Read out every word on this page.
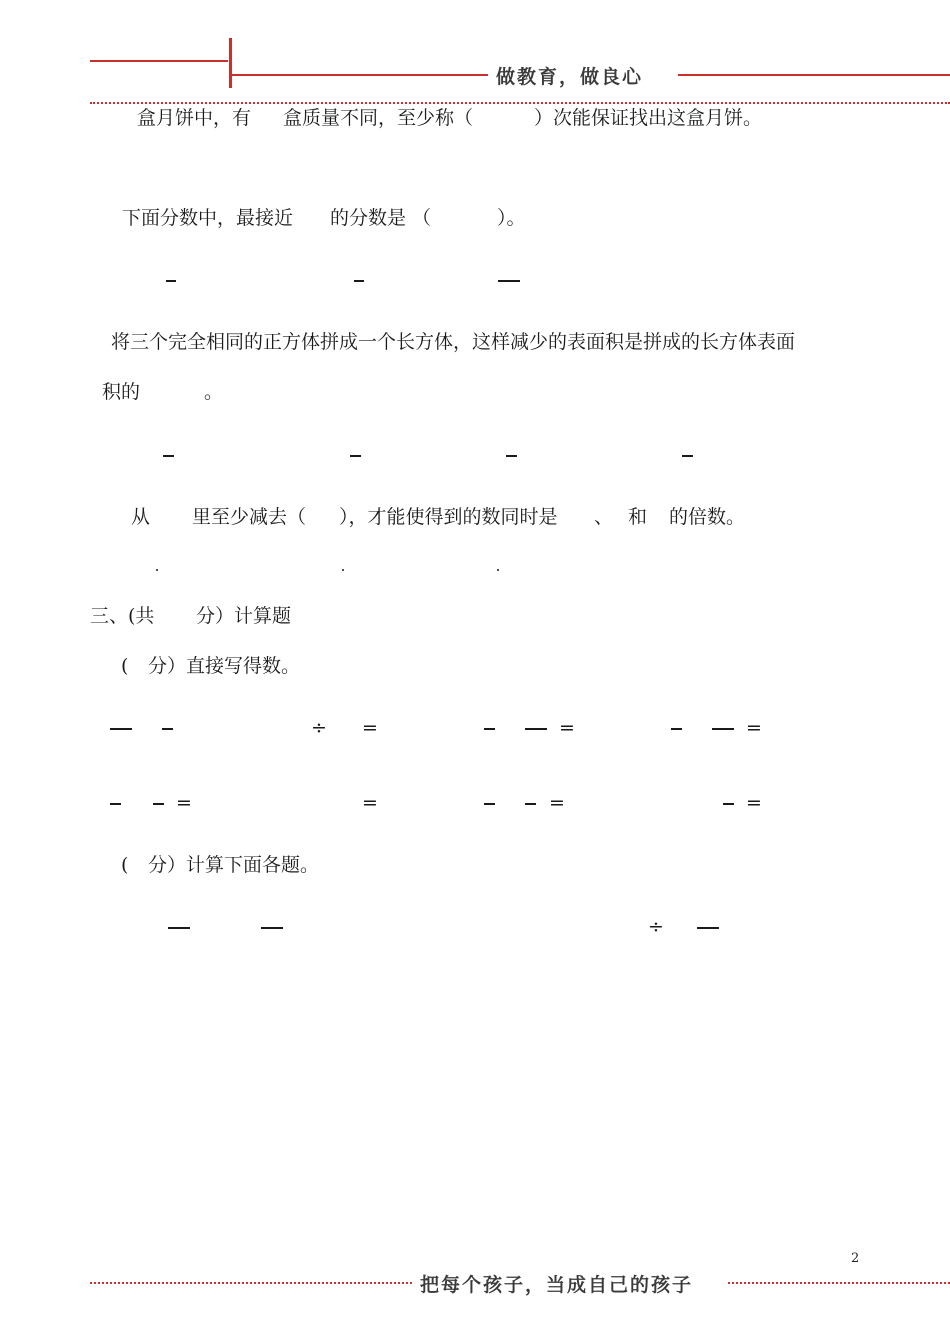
做教育，做良心
盒月饼中，有 盒质量不同，至少称（	）次能保证找出这盒月饼。
下面分数中，最接近 的分数是 （	）。
将三个完全相同的正方体拼成一个长方体，这样减少的表面积是拼成的长方体表面
积的	。
从 里至少减去（ ），才能使得到的数同时是 、 和 的倍数。
三、(共 分）计算题
( 分）直接写得数。
÷ =	=	=
=	=	=	=
( 分）计算下面各题。
÷
2
把每个孩子，当成自己的孩子
